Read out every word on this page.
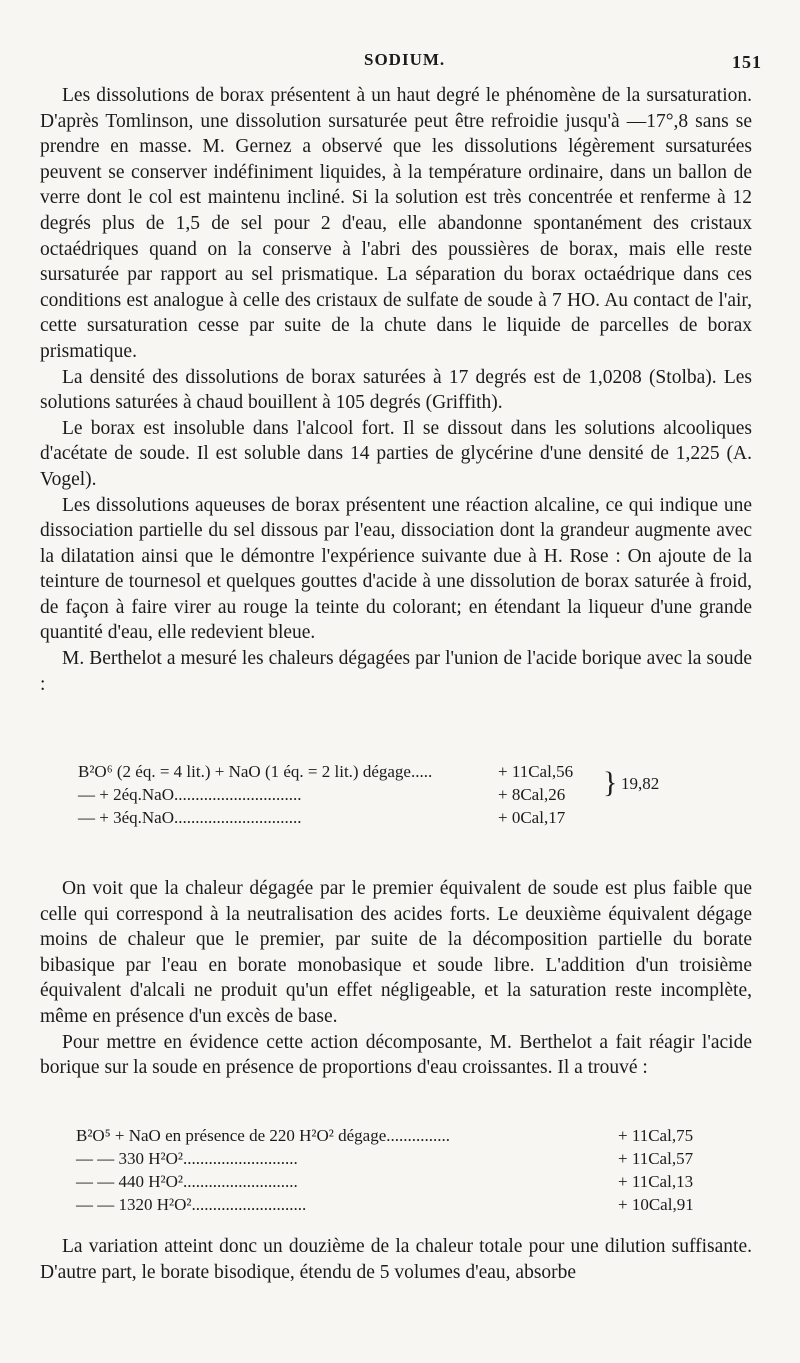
SODIUM.	151

Les dissolutions de borax présentent à un haut degré le phénomène de la sursaturation. D'après Tomlinson, une dissolution sursaturée peut être refroidie jusqu'à —17°,8 sans se prendre en masse. M. Gernez a observé que les dissolutions légèrement sursaturées peuvent se conserver indéfiniment liquides, à la température ordinaire, dans un ballon de verre dont le col est maintenu incliné. Si la solution est très concentrée et renferme à 12 degrés plus de 1,5 de sel pour 2 d'eau, elle abandonne spontanément des cristaux octaédriques quand on la conserve à l'abri des poussières de borax, mais elle reste sursaturée par rapport au sel prismatique. La séparation du borax octaédrique dans ces conditions est analogue à celle des cristaux de sulfate de soude à 7 HO. Au contact de l'air, cette sursaturation cesse par suite de la chute dans le liquide de parcelles de borax prismatique.

La densité des dissolutions de borax saturées à 17 degrés est de 1,0208 (Stolba). Les solutions saturées à chaud bouillent à 105 degrés (Griffith).

Le borax est insoluble dans l'alcool fort. Il se dissout dans les solutions alcooliques d'acétate de soude. Il est soluble dans 14 parties de glycérine d'une densité de 1,225 (A. Vogel).

Les dissolutions aqueuses de borax présentent une réaction alcaline, ce qui indique une dissociation partielle du sel dissous par l'eau, dissociation dont la grandeur augmente avec la dilatation ainsi que le démontre l'expérience suivante due à H. Rose : On ajoute de la teinture de tournesol et quelques gouttes d'acide à une dissolution de borax saturée à froid, de façon à faire virer au rouge la teinte du colorant; en étendant la liqueur d'une grande quantité d'eau, elle redevient bleue.

M. Berthelot a mesuré les chaleurs dégagées par l'union de l'acide borique avec la soude :

B²O⁶ (2 éq. = 4 lit.) + NaO (1 éq. = 2 lit.) dégage.....	+ 11Cal,56
— + 2éq.NaO..............................	+ 8Cal,26
— + 3éq.NaO..............................	+ 0Cal,17
} 19,82

On voit que la chaleur dégagée par le premier équivalent de soude est plus faible que celle qui correspond à la neutralisation des acides forts. Le deuxième équivalent dégage moins de chaleur que le premier, par suite de la décomposition partielle du borate bibasique par l'eau en borate monobasique et soude libre. L'addition d'un troisième équivalent d'alcali ne produit qu'un effet négligeable, et la saturation reste incomplète, même en présence d'un excès de base.

Pour mettre en évidence cette action décomposante, M. Berthelot a fait réagir l'acide borique sur la soude en présence de proportions d'eau croissantes. Il a trouvé :

B²O⁵ + NaO en présence de 220 H²O² dégage...............	+ 11Cal,75
— — 330 H²O²...........................	+ 11Cal,57
— — 440 H²O²...........................	+ 11Cal,13
— — 1320 H²O²...........................	+ 10Cal,91

La variation atteint donc un douzième de la chaleur totale pour une dilution suffisante. D'autre part, le borate bisodique, étendu de 5 volumes d'eau, absorbe
